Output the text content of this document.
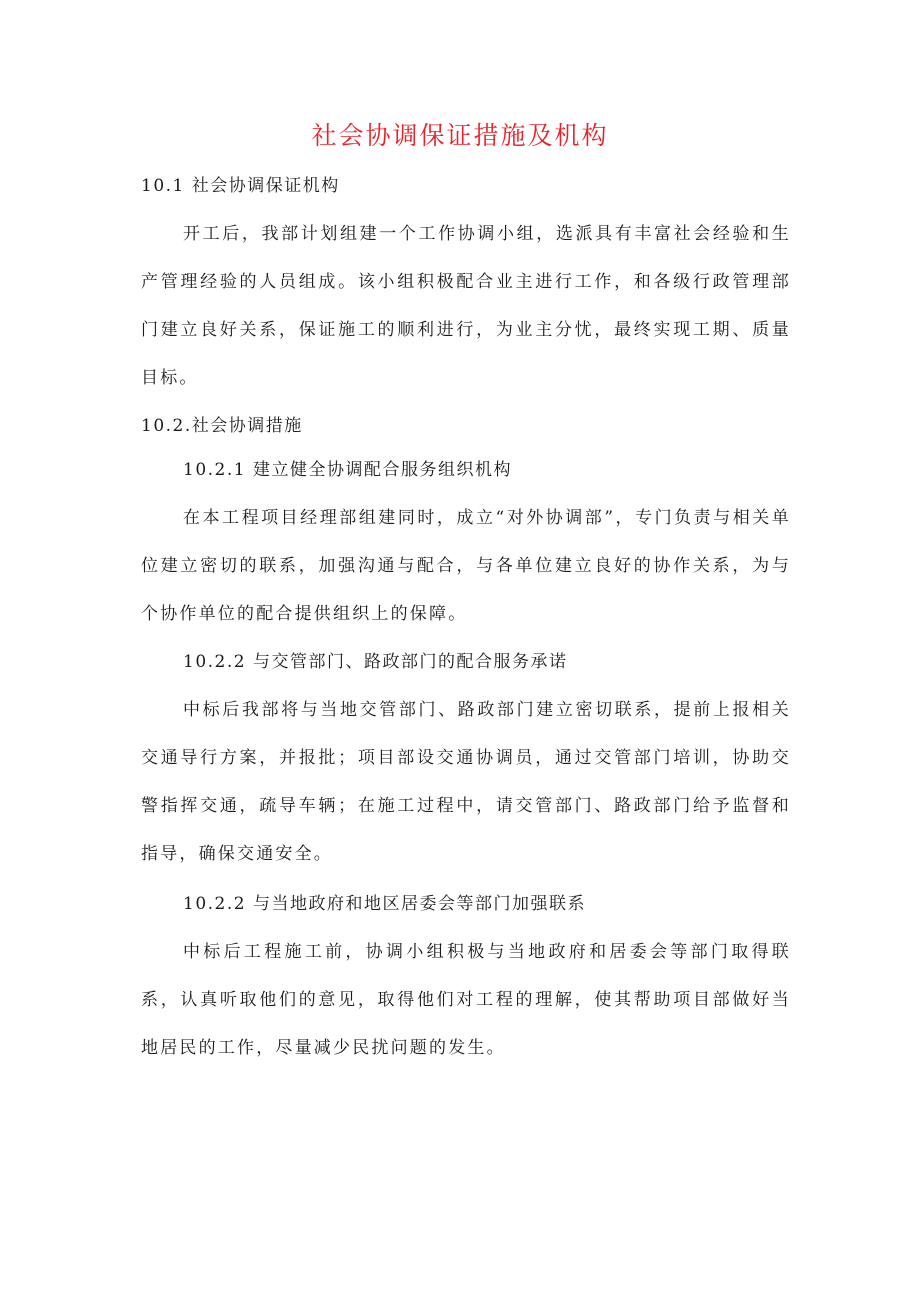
社会协调保证措施及机构

10.1 社会协调保证机构

开工后，我部计划组建一个工作协调小组，选派具有丰富社会经验和生产管理经验的人员组成。该小组积极配合业主进行工作，和各级行政管理部门建立良好关系，保证施工的顺利进行，为业主分忧，最终实现工期、质量目标。

10.2.社会协调措施

10.2.1 建立健全协调配合服务组织机构

在本工程项目经理部组建同时，成立“对外协调部”，专门负责与相关单位建立密切的联系，加强沟通与配合，与各单位建立良好的协作关系，为与个协作单位的配合提供组织上的保障。

10.2.2 与交管部门、路政部门的配合服务承诺

中标后我部将与当地交管部门、路政部门建立密切联系，提前上报相关交通导行方案，并报批；项目部设交通协调员，通过交管部门培训，协助交警指挥交通，疏导车辆；在施工过程中，请交管部门、路政部门给予监督和指导，确保交通安全。

10.2.2 与当地政府和地区居委会等部门加强联系

中标后工程施工前，协调小组积极与当地政府和居委会等部门取得联系，认真听取他们的意见，取得他们对工程的理解，使其帮助项目部做好当地居民的工作，尽量减少民扰问题的发生。
